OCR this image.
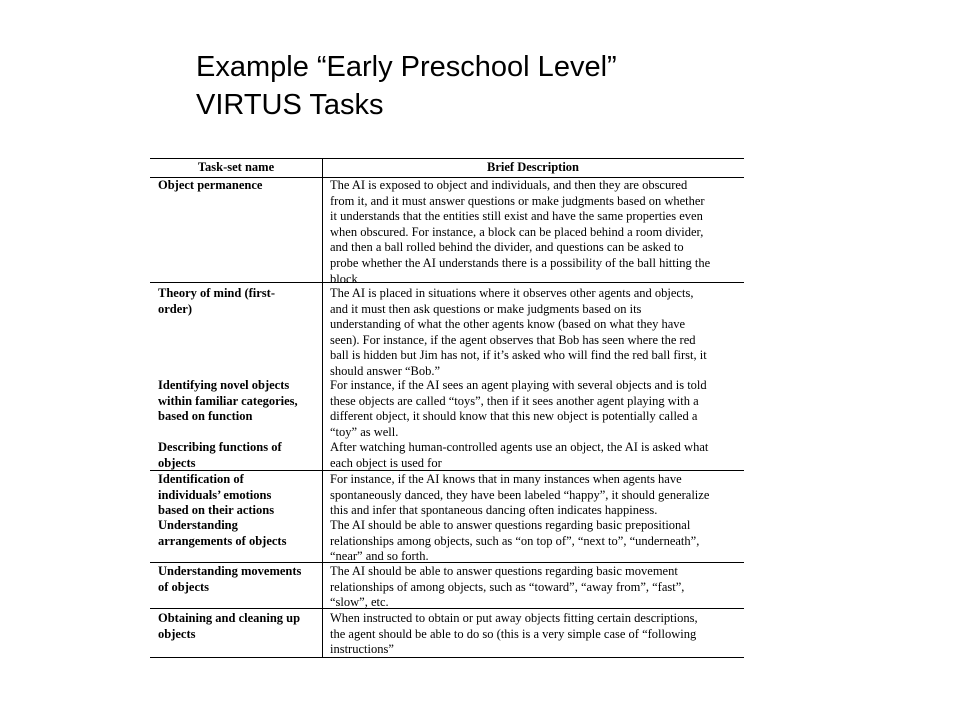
Example “Early Preschool Level”
VIRTUS Tasks
Task-set name	Brief Description
Object permanence	The AI is exposed to object and individuals, and then they are obscured
from it, and it must answer questions or make judgments based on whether
it understands that the entities still exist and have the same properties even
when obscured. For instance, a block can be placed behind a room divider,
and then a ball rolled behind the divider, and questions can be asked to
probe whether the AI understands there is a possibility of the ball hitting the
block
Theory of mind (first-
order)
The AI is placed in situations where it observes other agents and objects,
and it must then ask questions or make judgments based on its
understanding of what the other agents know (based on what they have
seen). For instance, if the agent observes that Bob has seen where the red
ball is hidden but Jim has not, if it’s asked who will find the red ball first, it
should answer “Bob.”
Identifying novel objects
within familiar categories,
based on function
For instance, if the AI sees an agent playing with several objects and is told
these objects are called “toys”, then if it sees another agent playing with a
different object, it should know that this new object is potentially called a
“toy” as well.
Describing functions of
objects
After watching human-controlled agents use an object, the AI is asked what
each object is used for
Identification of
individuals’ emotions
based on their actions
For instance, if the AI knows that in many instances when agents have
spontaneously danced, they have been labeled “happy”, it should generalize
this and infer that spontaneous dancing often indicates happiness.
Understanding
arrangements of objects
The AI should be able to answer questions regarding basic prepositional
relationships among objects, such as “on top of”, “next to”, “underneath”,
“near” and so forth.
Understanding movements
of objects
The AI should be able to answer questions regarding basic movement
relationships of among objects, such as “toward”, “away from”, “fast”,
“slow”, etc.
Obtaining and cleaning up
objects
When instructed to obtain or put away objects fitting certain descriptions,
the agent should be able to do so (this is a very simple case of “following
instructions”
